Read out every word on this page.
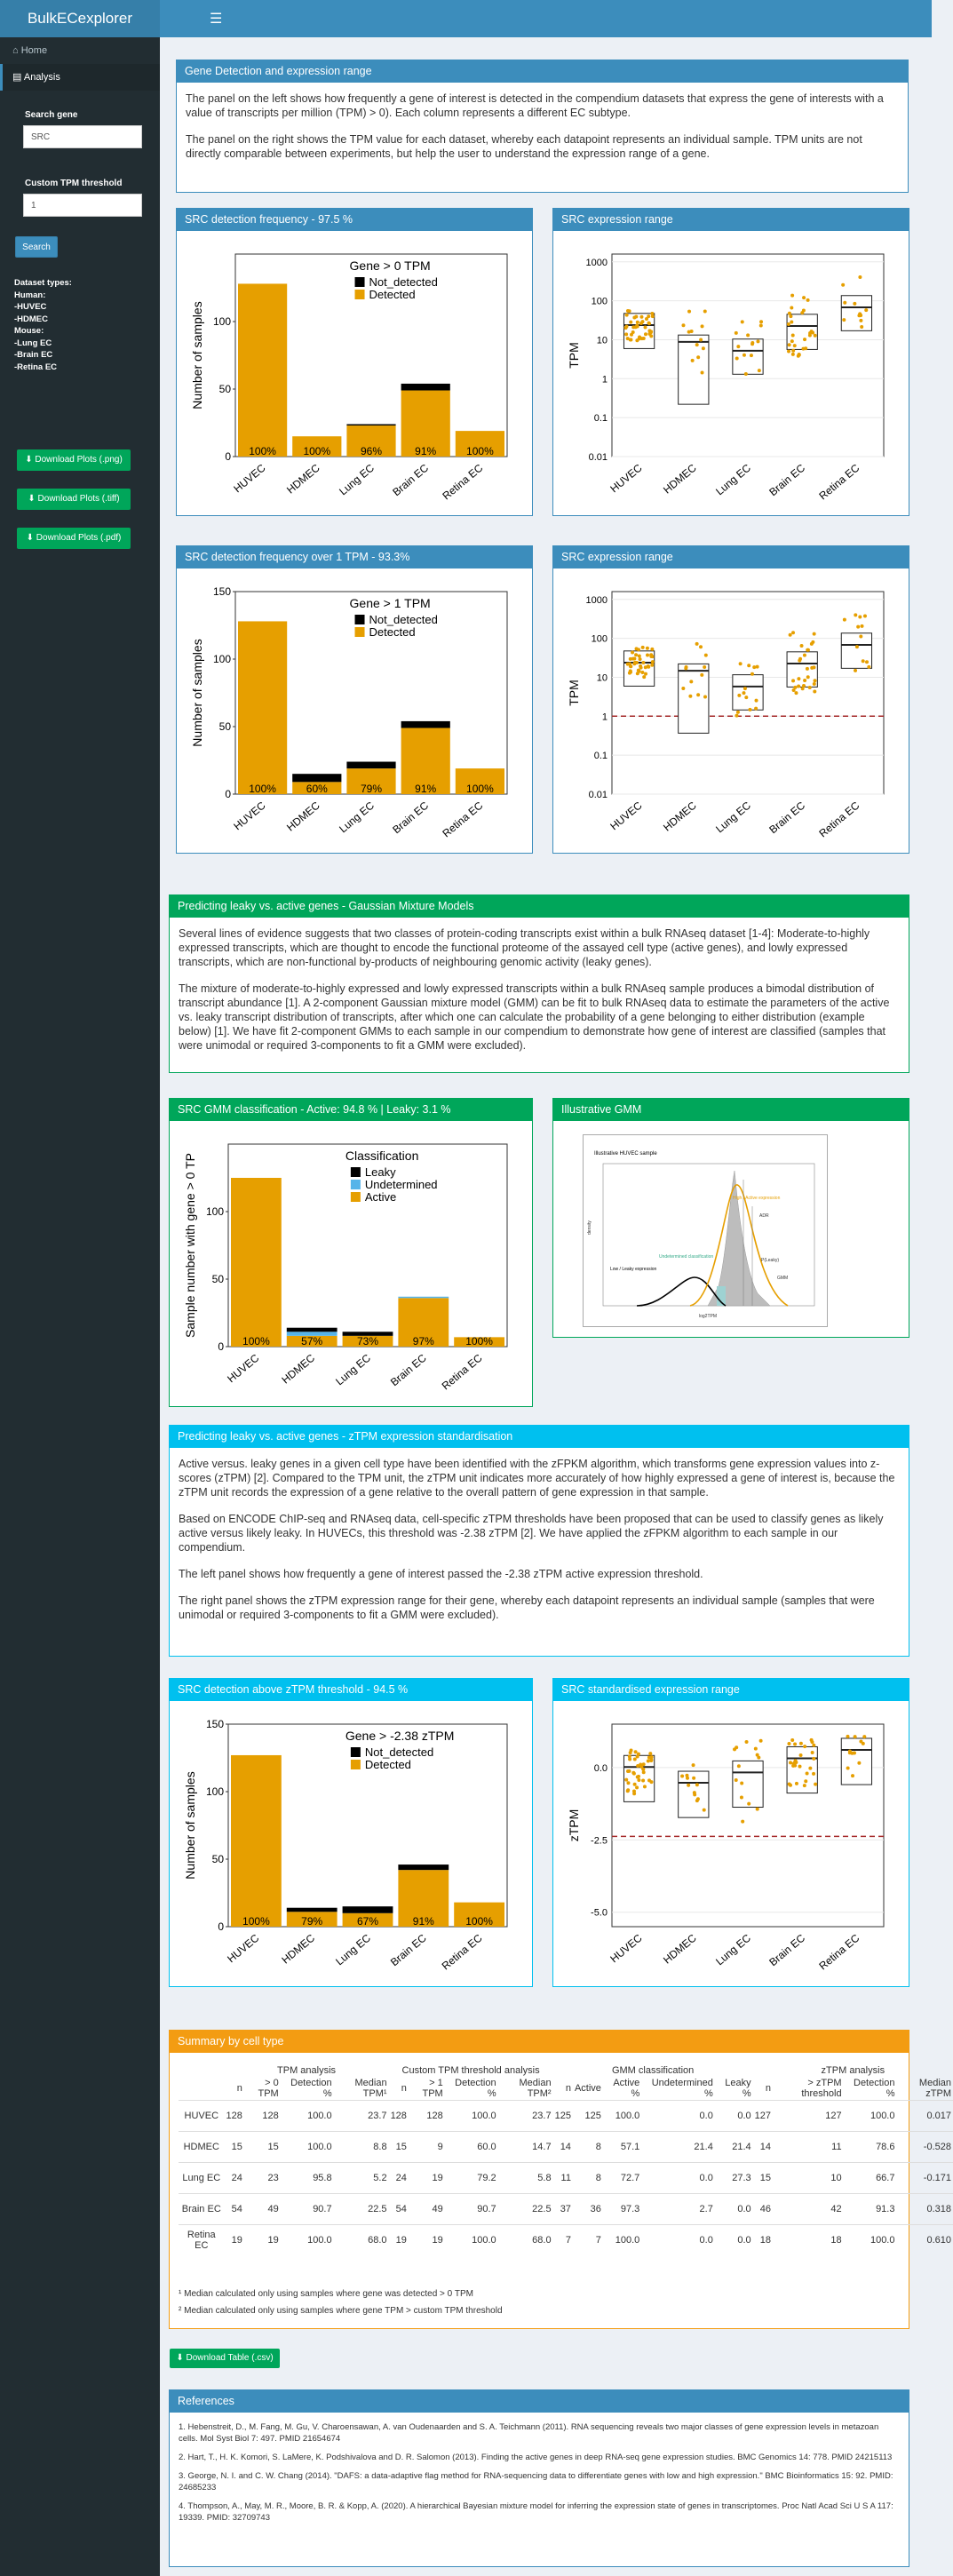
BulkECexplorer	☰
⌂ Home
▤ Analysis
Search gene
SRC
Custom TPM threshold
1
Search
Dataset types:
Human:
-HUVEC
-HDMEC
Mouse:
-Lung EC
-Brain EC
-Retina EC
⬇ Download Plots (.png)
⬇ Download Plots (.tiff)
⬇ Download Plots (.pdf)
Gene Detection and expression range

The panel on the left shows how frequently a gene of interest is detected in the compendium datasets that express the gene of interests with a value of transcripts per million (TPM) > 0). Each column represents a different EC subtype.

The panel on the right shows the TPM value for each dataset, whereby each datapoint represents an individual sample. TPM units are not directly comparable between experiments, but help the user to understand the expression range of a gene.

SRC detection frequency - 97.5 %
Number of samples
HUVEC HDMEC Lung EC Brain EC Retina EC
0
50
100
100%	100%	96%	91%	100%
Gene > 0 TPM
Not_detected
Detected
SRC expression range
TPM
HUVEC HDMEC Lung EC Brain EC Retina EC
0.01
0.1
1
10
100
1000
SRC detection frequency over 1 TPM - 93.3%
Number of samples
HUVEC HDMEC Lung EC Brain EC Retina EC
0
50
100
150
100%	60%	79%	91%	100%
Gene > 1 TPM
Not_detected
Detected
SRC expression range
TPM
HUVEC HDMEC Lung EC Brain EC Retina EC
0.01
0.1
1
10
100
1000
Predicting leaky vs. active genes - Gaussian Mixture Models

Several lines of evidence suggests that two classes of protein-coding transcripts exist within a bulk RNAseq dataset [1-4]: Moderate-to-highly expressed transcripts, which are thought to encode the functional proteome of the assayed cell type (active genes), and lowly expressed transcripts, which are non-functional by-products of neighbouring genomic activity (leaky genes).

The mixture of moderate-to-highly expressed and lowly expressed transcripts within a bulk RNAseq sample produces a bimodal distribution of transcript abundance [1]. A 2-component Gaussian mixture model (GMM) can be fit to bulk RNAseq data to estimate the parameters of the active vs. leaky transcript distribution of transcripts, after which one can calculate the probability of a gene belonging to either distribution (example below) [1]. We have fit 2-component GMMs to each sample in our compendium to demonstrate how gene of interest are classified (samples that were unimodal or required 3-components to fit a GMM were excluded).

SRC GMM classification - Active: 94.8 % | Leaky: 3.1 %
Sample number with gene > 0 TP
HUVEC HDMEC Lung EC Brain EC Retina EC
0
50
100
100%	57%	73%	97%	100%
Classification
Leaky
Undetermined
Active
Illustrative GMM
Illustrative HUVEC sample
High / Active expression
ADR
Undetermined classification
P(Leaky)
GMM
Low / Leaky expression
log2TPM
density
Predicting leaky vs. active genes - zTPM expression standardisation

Active versus. leaky genes in a given cell type have been identified with the zFPKM algorithm, which transforms gene expression values into z-scores (zTPM) [2]. Compared to the TPM unit, the zTPM unit indicates more accurately of how highly expressed a gene of interest is, because the zTPM unit records the expression of a gene relative to the overall pattern of gene expression in that sample.

Based on ENCODE ChIP-seq and RNAseq data, cell-specific zTPM thresholds have been proposed that can be used to classify genes as likely active versus likely leaky. In HUVECs, this threshold was -2.38 zTPM [2]. We have applied the zFPKM algorithm to each sample in our compendium.

The left panel shows how frequently a gene of interest passed the -2.38 zTPM active expression threshold.

The right panel shows the zTPM expression range for their gene, whereby each datapoint represents an individual sample (samples that were unimodal or required 3-components to fit a GMM were excluded).

SRC detection above zTPM threshold - 94.5 %
Number of samples
HUVEC HDMEC Lung EC Brain EC Retina EC
0
50
100
150
100%	79%	67%	91%	100%
Gene > -2.38 zTPM
Not_detected
Detected
SRC standardised expression range
zTPM
HUVEC HDMEC Lung EC Brain EC Retina EC
-5.0
-2.5
0.0
Summary by cell type
	TPM analysis				Custom TPM threshold analysis				GMM classification					zTPM analysis			
	n	> 0 TPM	Detection %	Median TPM¹	n	> 1 TPM	Detection %	Median TPM²	n	Active	Active %	Undetermined %	Leaky %	n	> zTPM threshold	Detection %	Median zTPM
HUVEC	128	128	100.0	23.7	128	128	100.0	23.7	125	125	100.0	0.0	0.0	127	127	100.0	0.017
HDMEC	15	15	100.0	8.8	15	9	60.0	14.7	14	8	57.1	21.4	21.4	14	11	78.6	-0.528
Lung EC	24	23	95.8	5.2	24	19	79.2	5.8	11	8	72.7	0.0	27.3	15	10	66.7	-0.171
Brain EC	54	49	90.7	22.5	54	49	90.7	22.5	37	36	97.3	2.7	0.0	46	42	91.3	0.318
Retina EC	19	19	100.0	68.0	19	19	100.0	68.0	7	7	100.0	0.0	0.0	18	18	100.0	0.610
¹ Median calculated only using samples where gene was detected > 0 TPM
² Median calculated only using samples where gene TPM > custom TPM threshold
⬇ Download Table (.csv)
References
1. Hebenstreit, D., M. Fang, M. Gu, V. Charoensawan, A. van Oudenaarden and S. A. Teichmann (2011). RNA sequencing reveals two major classes of gene expression levels in metazoan cells. Mol Syst Biol 7: 497. PMID 21654674
2. Hart, T., H. K. Komori, S. LaMere, K. Podshivalova and D. R. Salomon (2013). Finding the active genes in deep RNA-seq gene expression studies. BMC Genomics 14: 778. PMID 24215113
3. George, N. I. and C. W. Chang (2014). "DAFS: a data-adaptive flag method for RNA-sequencing data to differentiate genes with low and high expression." BMC Bioinformatics 15: 92. PMID: 24685233
4. Thompson, A., May, M. R., Moore, B. R. & Kopp, A. (2020). A hierarchical Bayesian mixture model for inferring the expression state of genes in transcriptomes. Proc Natl Acad Sci U S A 117: 19339. PMID: 32709743
